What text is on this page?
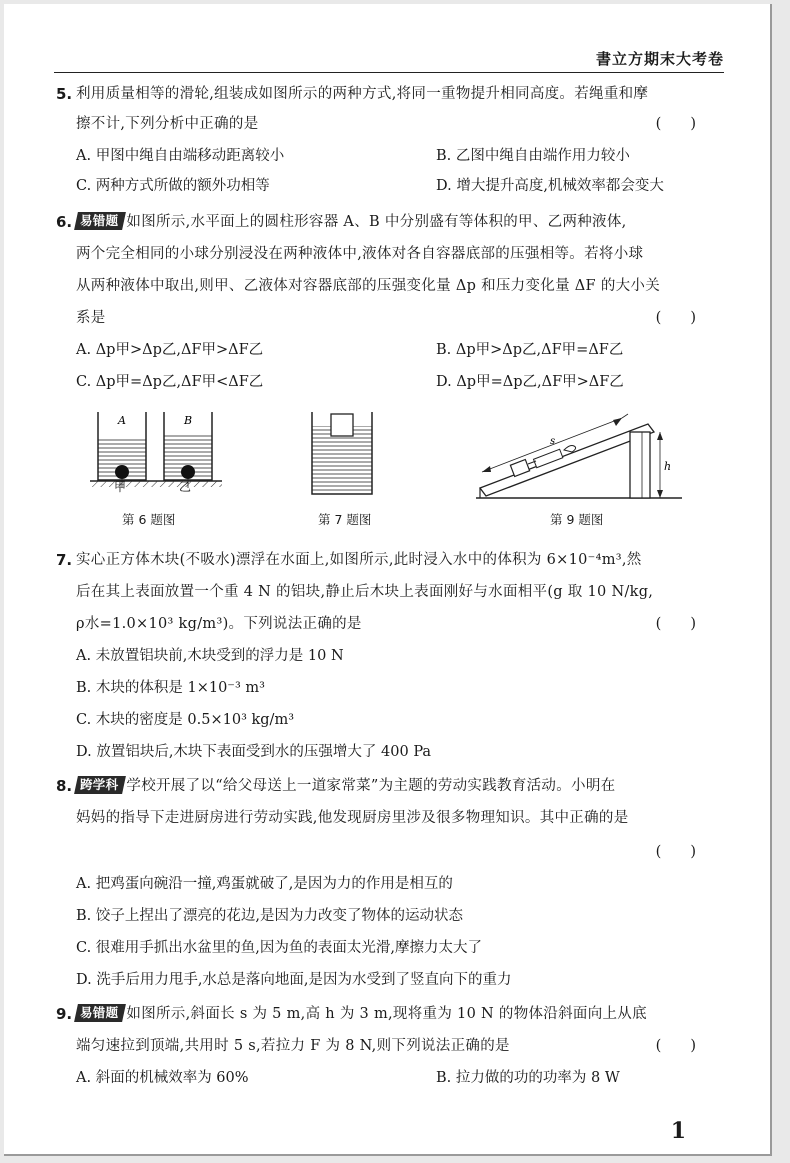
書立方期末大考卷
5. 利用质量相等的滑轮,组装成如图所示的两种方式,将同一重物提升相同高度。若绳重和摩
擦不计,下列分析中正确的是	(　　)
A. 甲图中绳自由端移动距离较小	B. 乙图中绳自由端作用力较小
C. 两种方式所做的额外功相等	D. 增大提升高度,机械效率都会变大
6. 易错题 如图所示,水平面上的圆柱形容器 A、B 中分别盛有等体积的甲、乙两种液体,
两个完全相同的小球分别浸没在两种液体中,液体对各自容器底部的压强相等。若将小球
从两种液体中取出,则甲、乙液体对容器底部的压强变化量 Δp 和压力变化量 ΔF 的大小关
系是	(　　)
A. Δp甲>Δp乙,ΔF甲>ΔF乙	B. Δp甲>Δp乙,ΔF甲=ΔF乙
C. Δp甲=Δp乙,ΔF甲<ΔF乙	D. Δp甲=Δp乙,ΔF甲>ΔF乙
A	B
甲	乙
第 6 题图	第 7 题图
s
h
第 9 题图
7. 实心正方体木块(不吸水)漂浮在水面上,如图所示,此时浸入水中的体积为 6×10⁻⁴m³,然
后在其上表面放置一个重 4 N 的铝块,静止后木块上表面刚好与水面相平(g 取 10 N/kg,
ρ水=1.0×10³ kg/m³)。下列说法正确的是	(　　)
A. 未放置铝块前,木块受到的浮力是 10 N
B. 木块的体积是 1×10⁻³ m³
C. 木块的密度是 0.5×10³ kg/m³
D. 放置铝块后,木块下表面受到水的压强增大了 400 Pa
8. 跨学科 学校开展了以“给父母送上一道家常菜”为主题的劳动实践教育活动。小明在
妈妈的指导下走进厨房进行劳动实践,他发现厨房里涉及很多物理知识。其中正确的是
(　　)
A. 把鸡蛋向碗沿一撞,鸡蛋就破了,是因为力的作用是相互的
B. 饺子上捏出了漂亮的花边,是因为力改变了物体的运动状态
C. 很难用手抓出水盆里的鱼,因为鱼的表面太光滑,摩擦力太大了
D. 洗手后用力甩手,水总是落向地面,是因为水受到了竖直向下的重力
9. 易错题 如图所示,斜面长 s 为 5 m,高 h 为 3 m,现将重为 10 N 的物体沿斜面向上从底
端匀速拉到顶端,共用时 5 s,若拉力 F 为 8 N,则下列说法正确的是	(　　)
A. 斜面的机械效率为 60%	B. 拉力做的功的功率为 8 W
1
